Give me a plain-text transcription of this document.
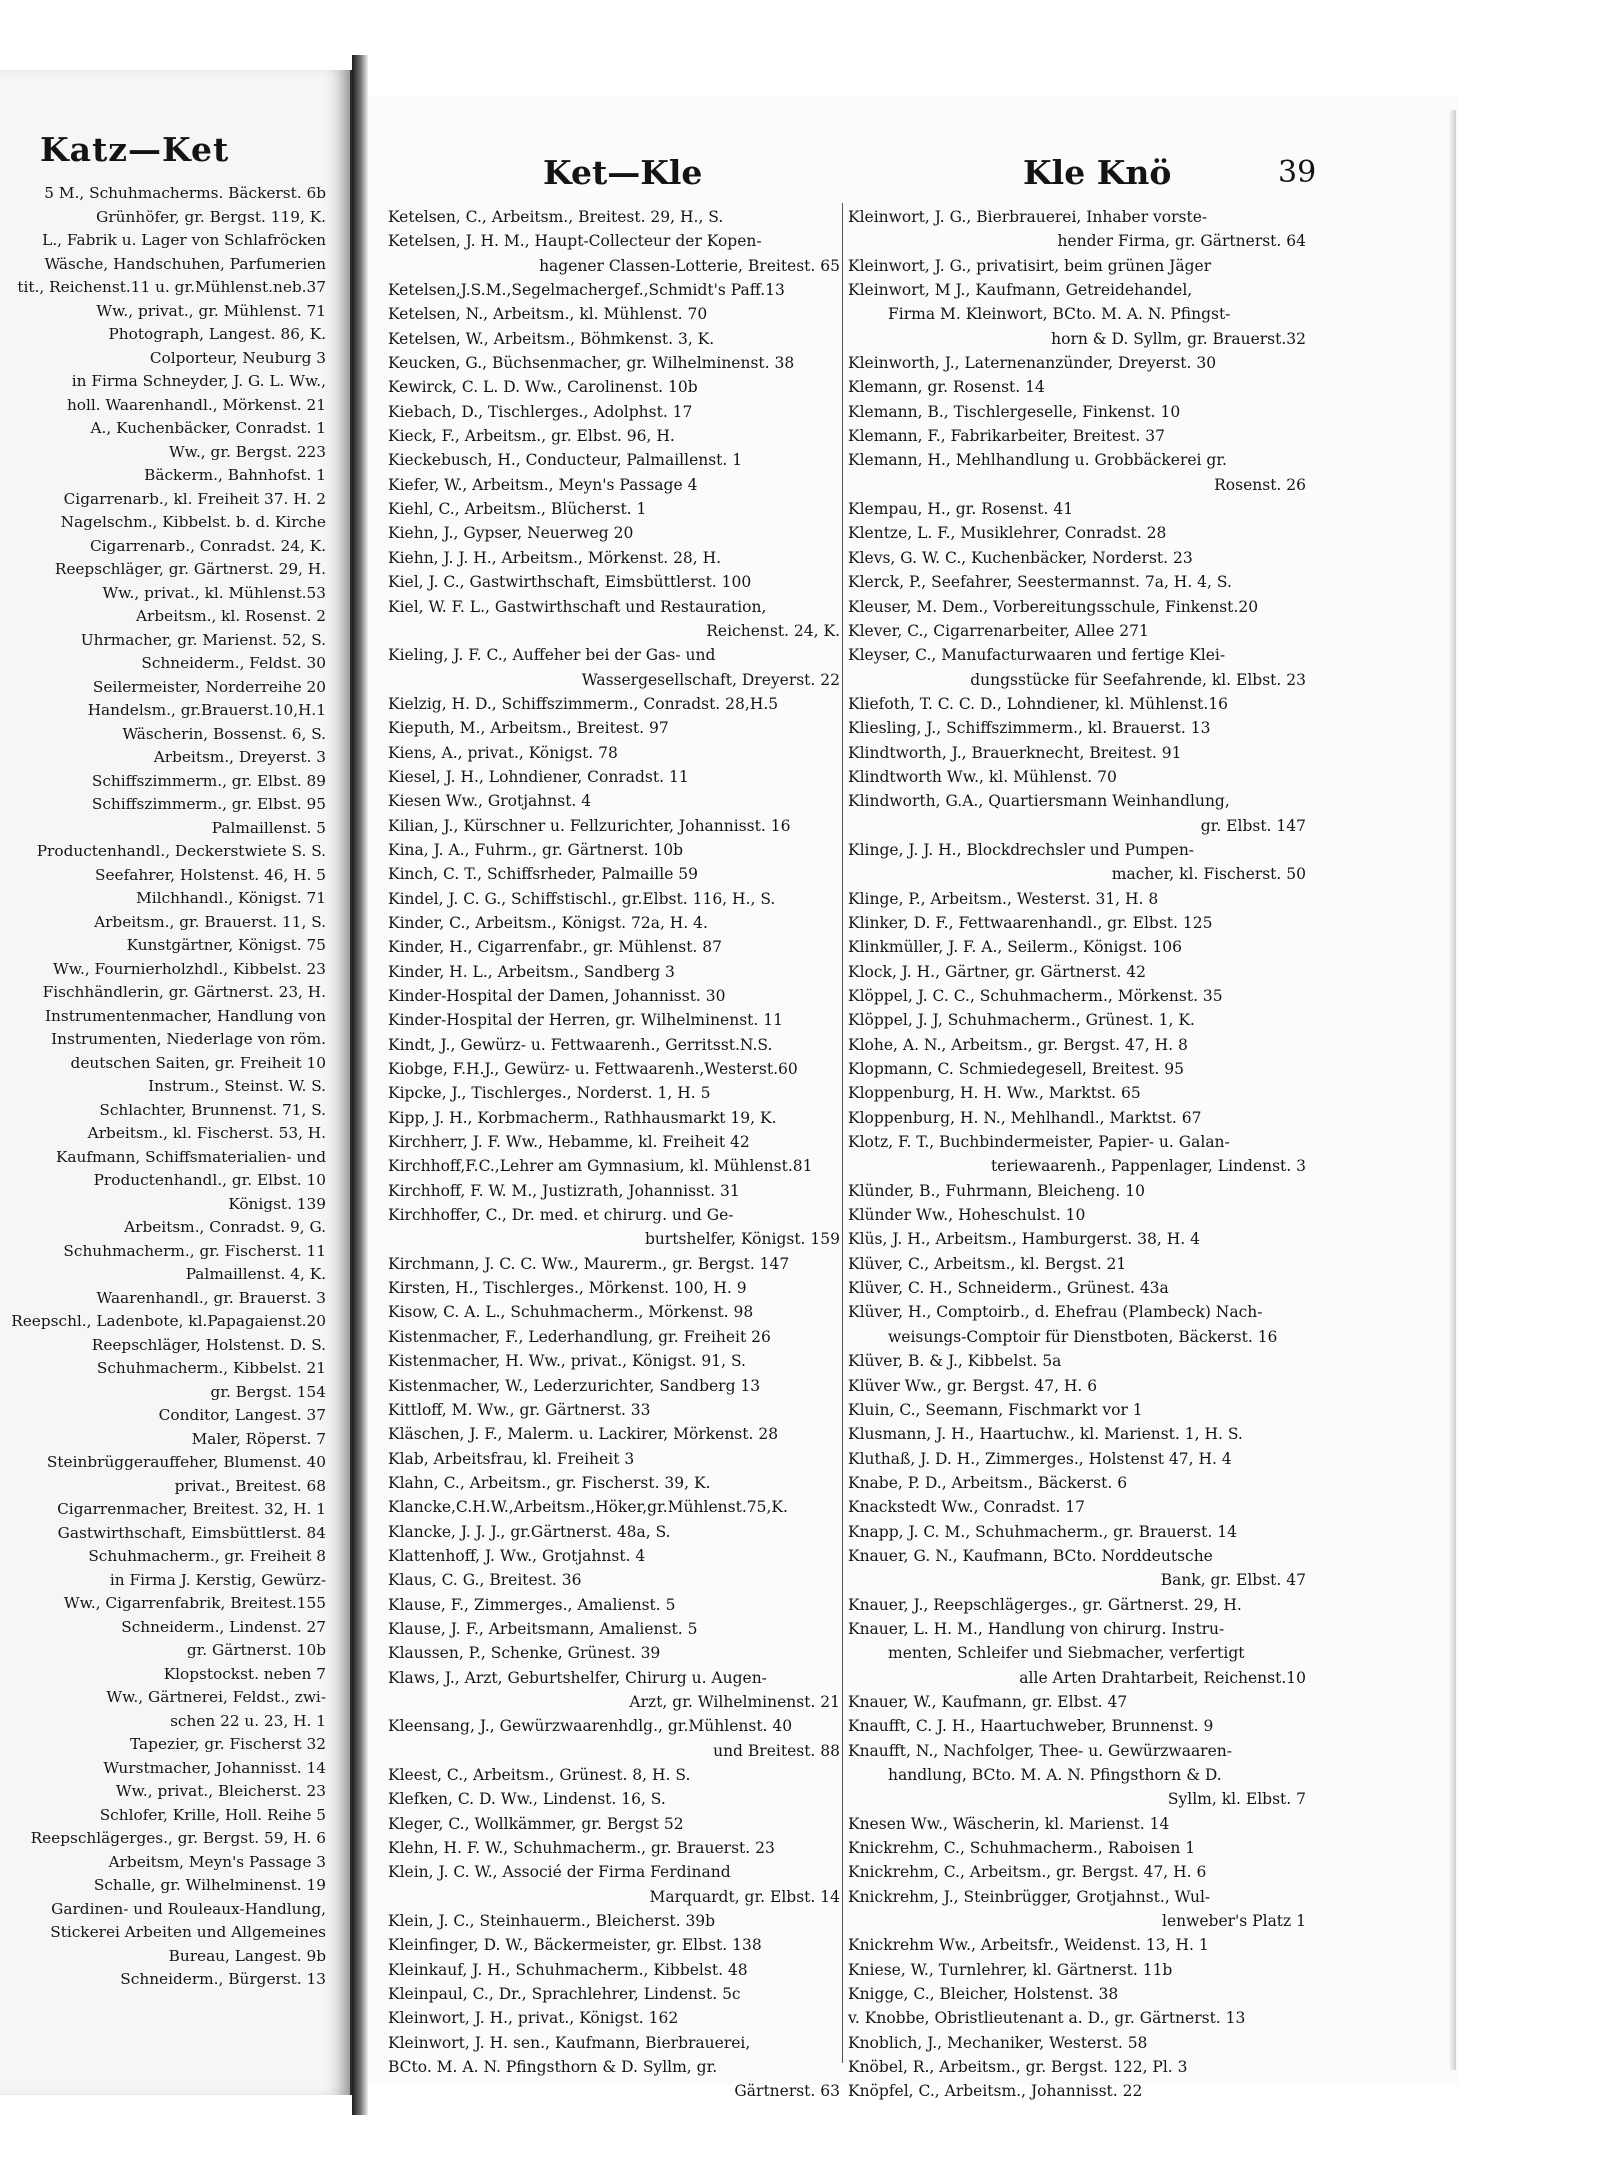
Katz—Ket
5 M., Schuhmacherms. Bäckerst. 6b
Grünhöfer, gr. Bergst. 119, K.
L., Fabrik u. Lager von Schlafröcken
Wäsche, Handschuhen, Parfumerien
tit., Reichenst.11 u. gr.Mühlenst.neb.37
Ww., privat., gr. Mühlenst. 71
Photograph, Langest. 86, K.
Colporteur, Neuburg 3
in Firma Schneyder, J. G. L. Ww.,
holl. Waarenhandl., Mörkenst. 21
A., Kuchenbäcker, Conradst. 1
Ww., gr. Bergst. 223
Bäckerm., Bahnhofst. 1
Cigarrenarb., kl. Freiheit 37. H. 2
Nagelschm., Kibbelst. b. d. Kirche
Cigarrenarb., Conradst. 24, K.
Reepschläger, gr. Gärtnerst. 29, H.
Ww., privat., kl. Mühlenst.53
Arbeitsm., kl. Rosenst. 2
Uhrmacher, gr. Marienst. 52, S.
Schneiderm., Feldst. 30
Seilermeister, Norderreihe 20
Handelsm., gr.Brauerst.10,H.1
Wäscherin, Bossenst. 6, S.
Arbeitsm., Dreyerst. 3
Schiffszimmerm., gr. Elbst. 89
Schiffszimmerm., gr. Elbst. 95
Palmaillenst. 5
Productenhandl., Deckerstwiete S. S.
Seefahrer, Holstenst. 46, H. 5
Milchhandl., Königst. 71
Arbeitsm., gr. Brauerst. 11, S.
Kunstgärtner, Königst. 75
Ww., Fournierholzhdl., Kibbelst. 23
Fischhändlerin, gr. Gärtnerst. 23, H.
Instrumentenmacher, Handlung von
Instrumenten, Niederlage von röm.
deutschen Saiten, gr. Freiheit 10
Instrum., Steinst. W. S.
Schlachter, Brunnenst. 71, S.
Arbeitsm., kl. Fischerst. 53, H.
Kaufmann, Schiffsmaterialien- und
Productenhandl., gr. Elbst. 10
Königst. 139
Arbeitsm., Conradst. 9, G.
Schuhmacherm., gr. Fischerst. 11
Palmaillenst. 4, K.
Waarenhandl., gr. Brauerst. 3
Reepschl., Ladenbote, kl.Papagaienst.20
Reepschläger, Holstenst. D. S.
Schuhmacherm., Kibbelst. 21
gr. Bergst. 154
Conditor, Langest. 37
Maler, Röperst. 7
Steinbrüggerauffeher, Blumenst. 40
privat., Breitest. 68
Cigarrenmacher, Breitest. 32, H. 1
Gastwirthschaft, Eimsbüttlerst. 84
Schuhmacherm., gr. Freiheit 8
in Firma J. Kerstig, Gewürz-
Ww., Cigarrenfabrik, Breitest.155
Schneiderm., Lindenst. 27
gr. Gärtnerst. 10b
Klopstockst. neben 7
Ww., Gärtnerei, Feldst., zwi-
schen 22 u. 23, H. 1
Tapezier, gr. Fischerst 32
Wurstmacher, Johannisst. 14
Ww., privat., Bleicherst. 23
Schlofer, Krille, Holl. Reihe 5
Reepschlägerges., gr. Bergst. 59, H. 6
Arbeitsm, Meyn's Passage 3
Schalle, gr. Wilhelminenst. 19
Gardinen- und Rouleaux-Handlung,
Stickerei Arbeiten und Allgemeines
Bureau, Langest. 9b
Schneiderm., Bürgerst. 13
Ket—Kle	Kle Knö	39
Ketelsen, C., Arbeitsm., Breitest. 29, H., S.
Ketelsen, J. H. M., Haupt-Collecteur der Kopen-
hagener Classen-Lotterie, Breitest. 65
Ketelsen,J.S.M.,Segelmachergef.,Schmidt's Paff.13
Ketelsen, N., Arbeitsm., kl. Mühlenst. 70
Ketelsen, W., Arbeitsm., Böhmkenst. 3, K.
Keucken, G., Büchsenmacher, gr. Wilhelminenst. 38
Kewirck, C. L. D. Ww., Carolinenst. 10b
Kiebach, D., Tischlerges., Adolphst. 17
Kieck, F., Arbeitsm., gr. Elbst. 96, H.
Kieckebusch, H., Conducteur, Palmaillenst. 1
Kiefer, W., Arbeitsm., Meyn's Passage 4
Kiehl, C., Arbeitsm., Blücherst. 1
Kiehn, J., Gypser, Neuerweg 20
Kiehn, J. J. H., Arbeitsm., Mörkenst. 28, H.
Kiel, J. C., Gastwirthschaft, Eimsbüttlerst. 100
Kiel, W. F. L., Gastwirthschaft und Restauration,
Reichenst. 24, K.
Kieling, J. F. C., Auffeher bei der Gas- und
Wassergesellschaft, Dreyerst. 22
Kielzig, H. D., Schiffszimmerm., Conradst. 28,H.5
Kieputh, M., Arbeitsm., Breitest. 97
Kiens, A., privat., Königst. 78
Kiesel, J. H., Lohndiener, Conradst. 11
Kiesen Ww., Grotjahnst. 4
Kilian, J., Kürschner u. Fellzurichter, Johannisst. 16
Kina, J. A., Fuhrm., gr. Gärtnerst. 10b
Kinch, C. T., Schiffsrheder, Palmaille 59
Kindel, J. C. G., Schiffstischl., gr.Elbst. 116, H., S.
Kinder, C., Arbeitsm., Königst. 72a, H. 4.
Kinder, H., Cigarrenfabr., gr. Mühlenst. 87
Kinder, H. L., Arbeitsm., Sandberg 3
Kinder-Hospital der Damen, Johannisst. 30
Kinder-Hospital der Herren, gr. Wilhelminenst. 11
Kindt, J., Gewürz- u. Fettwaarenh., Gerritsst.N.S.
Kiobge, F.H.J., Gewürz- u. Fettwaarenh.,Westerst.60
Kipcke, J., Tischlerges., Norderst. 1, H. 5
Kipp, J. H., Korbmacherm., Rathhausmarkt 19, K.
Kirchherr, J. F. Ww., Hebamme, kl. Freiheit 42
Kirchhoff,F.C.,Lehrer am Gymnasium, kl. Mühlenst.81
Kirchhoff, F. W. M., Justizrath, Johannisst. 31
Kirchhoffer, C., Dr. med. et chirurg. und Ge-
burtshelfer, Königst. 159
Kirchmann, J. C. C. Ww., Maurerm., gr. Bergst. 147
Kirsten, H., Tischlerges., Mörkenst. 100, H. 9
Kisow, C. A. L., Schuhmacherm., Mörkenst. 98
Kistenmacher, F., Lederhandlung, gr. Freiheit 26
Kistenmacher, H. Ww., privat., Königst. 91, S.
Kistenmacher, W., Lederzurichter, Sandberg 13
Kittloff, M. Ww., gr. Gärtnerst. 33
Kläschen, J. F., Malerm. u. Lackirer, Mörkenst. 28
Klab, Arbeitsfrau, kl. Freiheit 3
Klahn, C., Arbeitsm., gr. Fischerst. 39, K.
Klancke,C.H.W.,Arbeitsm.,Höker,gr.Mühlenst.75,K.
Klancke, J. J. J., gr.Gärtnerst. 48a, S.
Klattenhoff, J. Ww., Grotjahnst. 4
Klaus, C. G., Breitest. 36
Klause, F., Zimmerges., Amalienst. 5
Klause, J. F., Arbeitsmann, Amalienst. 5
Klaussen, P., Schenke, Grünest. 39
Klaws, J., Arzt, Geburtshelfer, Chirurg u. Augen-
Arzt, gr. Wilhelminenst. 21
Kleensang, J., Gewürzwaarenhdlg., gr.Mühlenst. 40
und Breitest. 88
Kleest, C., Arbeitsm., Grünest. 8, H. S.
Klefken, C. D. Ww., Lindenst. 16, S.
Kleger, C., Wollkämmer, gr. Bergst 52
Klehn, H. F. W., Schuhmacherm., gr. Brauerst. 23
Klein, J. C. W., Associé der Firma Ferdinand
Marquardt, gr. Elbst. 14
Klein, J. C., Steinhauerm., Bleicherst. 39b
Kleinfinger, D. W., Bäckermeister, gr. Elbst. 138
Kleinkauf, J. H., Schuhmacherm., Kibbelst. 48
Kleinpaul, C., Dr., Sprachlehrer, Lindenst. 5c
Kleinwort, J. H., privat., Königst. 162
Kleinwort, J. H. sen., Kaufmann, Bierbrauerei,
BCto. M. A. N. Pfingsthorn & D. Syllm, gr.
Gärtnerst. 63
Kleinwort, J. G., Bierbrauerei, Inhaber vorste-
hender Firma, gr. Gärtnerst. 64
Kleinwort, J. G., privatisirt, beim grünen Jäger
Kleinwort, M J., Kaufmann, Getreidehandel,
Firma M. Kleinwort, BCto. M. A. N. Pfingst-
horn & D. Syllm, gr. Brauerst.32
Kleinworth, J., Laternenanzünder, Dreyerst. 30
Klemann, gr. Rosenst. 14
Klemann, B., Tischlergeselle, Finkenst. 10
Klemann, F., Fabrikarbeiter, Breitest. 37
Klemann, H., Mehlhandlung u. Grobbäckerei gr.
Rosenst. 26
Klempau, H., gr. Rosenst. 41
Klentze, L. F., Musiklehrer, Conradst. 28
Klevs, G. W. C., Kuchenbäcker, Norderst. 23
Klerck, P., Seefahrer, Seestermannst. 7a, H. 4, S.
Kleuser, M. Dem., Vorbereitungsschule, Finkenst.20
Klever, C., Cigarrenarbeiter, Allee 271
Kleyser, C., Manufacturwaaren und fertige Klei-
dungsstücke für Seefahrende, kl. Elbst. 23
Kliefoth, T. C. C. D., Lohndiener, kl. Mühlenst.16
Kliesling, J., Schiffszimmerm., kl. Brauerst. 13
Klindtworth, J., Brauerknecht, Breitest. 91
Klindtworth Ww., kl. Mühlenst. 70
Klindworth, G.A., Quartiersmann Weinhandlung,
gr. Elbst. 147
Klinge, J. J. H., Blockdrechsler und Pumpen-
macher, kl. Fischerst. 50
Klinge, P., Arbeitsm., Westerst. 31, H. 8
Klinker, D. F., Fettwaarenhandl., gr. Elbst. 125
Klinkmüller, J. F. A., Seilerm., Königst. 106
Klock, J. H., Gärtner, gr. Gärtnerst. 42
Klöppel, J. C. C., Schuhmacherm., Mörkenst. 35
Klöppel, J. J, Schuhmacherm., Grünest. 1, K.
Klohe, A. N., Arbeitsm., gr. Bergst. 47, H. 8
Klopmann, C. Schmiedegesell, Breitest. 95
Kloppenburg, H. H. Ww., Marktst. 65
Kloppenburg, H. N., Mehlhandl., Marktst. 67
Klotz, F. T., Buchbindermeister, Papier- u. Galan-
teriewaarenh., Pappenlager, Lindenst. 3
Klünder, B., Fuhrmann, Bleicheng. 10
Klünder Ww., Hoheschulst. 10
Klüs, J. H., Arbeitsm., Hamburgerst. 38, H. 4
Klüver, C., Arbeitsm., kl. Bergst. 21
Klüver, C. H., Schneiderm., Grünest. 43a
Klüver, H., Comptoirb., d. Ehefrau (Plambeck) Nach-
weisungs-Comptoir für Dienstboten, Bäckerst. 16
Klüver, B. & J., Kibbelst. 5a
Klüver Ww., gr. Bergst. 47, H. 6
Kluin, C., Seemann, Fischmarkt vor 1
Klusmann, J. H., Haartuchw., kl. Marienst. 1, H. S.
Kluthaß, J. D. H., Zimmerges., Holstenst 47, H. 4
Knabe, P. D., Arbeitsm., Bäckerst. 6
Knackstedt Ww., Conradst. 17
Knapp, J. C. M., Schuhmacherm., gr. Brauerst. 14
Knauer, G. N., Kaufmann, BCto. Norddeutsche
Bank, gr. Elbst. 47
Knauer, J., Reepschlägerges., gr. Gärtnerst. 29, H.
Knauer, L. H. M., Handlung von chirurg. Instru-
menten, Schleifer und Siebmacher, verfertigt
alle Arten Drahtarbeit, Reichenst.10
Knauer, W., Kaufmann, gr. Elbst. 47
Knaufft, C. J. H., Haartuchweber, Brunnenst. 9
Knaufft, N., Nachfolger, Thee- u. Gewürzwaaren-
handlung, BCto. M. A. N. Pfingsthorn & D.
Syllm, kl. Elbst. 7
Knesen Ww., Wäscherin, kl. Marienst. 14
Knickrehm, C., Schuhmacherm., Raboisen 1
Knickrehm, C., Arbeitsm., gr. Bergst. 47, H. 6
Knickrehm, J., Steinbrügger, Grotjahnst., Wul-
lenweber's Platz 1
Knickrehm Ww., Arbeitsfr., Weidenst. 13, H. 1
Kniese, W., Turnlehrer, kl. Gärtnerst. 11b
Knigge, C., Bleicher, Holstenst. 38
v. Knobbe, Obristlieutenant a. D., gr. Gärtnerst. 13
Knoblich, J., Mechaniker, Westerst. 58
Knöbel, R., Arbeitsm., gr. Bergst. 122, Pl. 3
Knöpfel, C., Arbeitsm., Johannisst. 22
